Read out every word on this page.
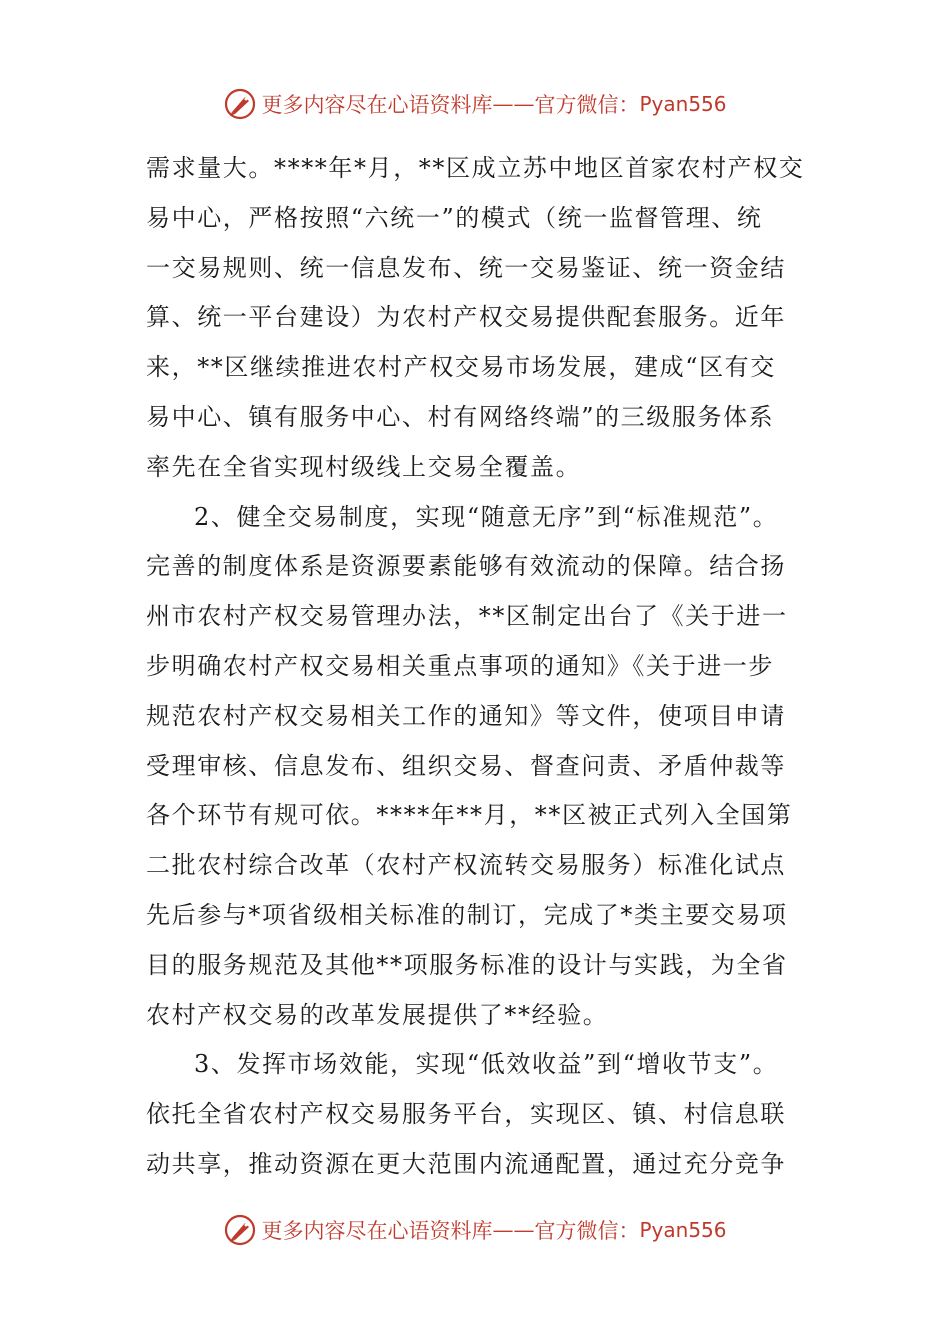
更多内容尽在心语资料库 —— 官方微信： Pyan556
需求量大。****年*月，**区成立苏中地区首家农村产权交
易中心，严格按照“六统一”的模式（统一监督管理、统
一交易规则、统一信息发布、统一交易鉴证、统一资金结
算、统一平台建设）为农村产权交易提供配套服务。近年
来，**区继续推进农村产权交易市场发展，建成“区有交
易中心、镇有服务中心、村有网络终端”的三级服务体系
率先在全省实现村级线上交易全覆盖。
2、健全交易制度，实现“随意无序”到“标准规范”。
完善的制度体系是资源要素能够有效流动的保障。结合扬
州市农村产权交易管理办法，**区制定出台了《关于进一
步明确农村产权交易相关重点事项的通知》《关于进一步
规范农村产权交易相关工作的通知》等文件，使项目申请
受理审核、信息发布、组织交易、督查问责、矛盾仲裁等
各个环节有规可依。****年**月，**区被正式列入全国第
二批农村综合改革（农村产权流转交易服务）标准化试点
先后参与*项省级相关标准的制订，完成了*类主要交易项
目的服务规范及其他**项服务标准的设计与实践，为全省
农村产权交易的改革发展提供了**经验。
3、发挥市场效能，实现“低效收益”到“增收节支”。
依托全省农村产权交易服务平台，实现区、镇、村信息联
动共享，推动资源在更大范围内流通配置，通过充分竞争
更多内容尽在心语资料库 —— 官方微信： Pyan556
